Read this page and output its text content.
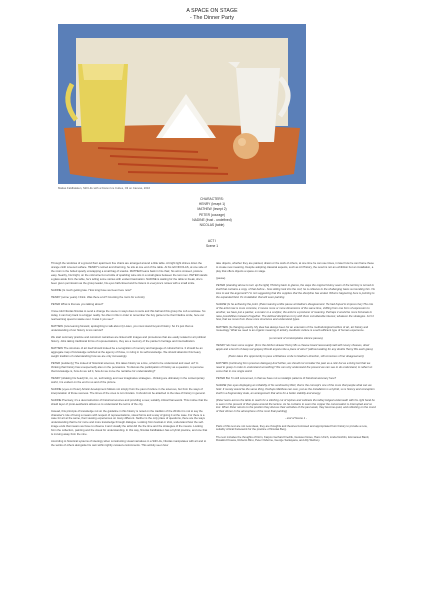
A SPACE ON STAGE
- The Dinner Party
Matias Faldbakken, Still Life with a Dozen Ice Cubes, Oil on Canvas, 2016
CHARACTERS:
HENRY (Iesept 1)
MATHEW (Iesept 2)
PETER (courage)
NADINE (frust - undefined)
NICOLAS (table)
ACT I
Scene 1

Through the windows of a ground floor apartment five chairs are arranged around a little table. A bright light shines down the orange cloth covered surface. HENRY's retired and charming, he sits at one end of the table. At his left NICOLAS, at one side of the room is the boiled quietly unwrapping a small bag of snacks. MATHEW leans back in his chair, his arms crossed, posture easy. Nearby, his bright, on the cold wine but a bottle of sparkling wine sits in a small glass between the two men. PETER stands a glass aside from the table, he's telling some stories with evident fascination. NADINE is waiting for the table to break, she's been given permission as the group leader, his eyes half-closed and he listens to everyone's noises with a small smile.

NADINE (Is much getting late. How long have we been here now?

HENRY (some years) I think. Was there a lot? Counting the room for a clock)

PETER What is that are you talking about?

I have told Nicolas Nicolas to send a change the scene in ways does to suits and this ball and this group the cub a suitcase. So today, it can bury back to a bigger reality. So often in life in order to remember the boy game to be their Nadine smile, here our real learning quest to waste over. It was it you see?

MATHEW (now leaning forward, apologizing to talk about it) Listen, you must stand beyond history. So it's just that us understanding of our history is too narrow?

We start summary practice and construct narratives are linked with images and procedures that are easily related to art political history. Jobs taking traditional forms of representations, they are a memory of the painter's heritage and internalization.

MATHEW The structure of art itself should indeed be a recognition of memory and language of cultural forms. It should be an aggregate map of knowledge vehicled at the agency of those, in ruling in its self-knowledge. We should abandon this heavy weight tradition of understanding how we are only increasingly.

PETER (suddenly) The indeed of historical sciences, this takes history as a lore, a field to be understood and used us? In thinking that history has unexpectedly also on the pervasions. To discuss the participation of history as a question, to perceive that knowledge is, how do we tell it, how do we move the narrative for understanding?

HENRY (shaking his head) No, no, no, technology and new imaginative strategies - thinking are ultimately in the contemporary world, it is evident on the end to us and of the picture.

NADINE (eyes on Peter) Artistic development follows not simply from the past of culture in the sciences, but from the ways of interpretation of those success. The times of the ones is not circulars. It should not be attached to the idea of history in general.

NADINE Precisely, it's a deconstruction of historical sources and providing a new, suitably critical framework. This motive that the shield layer of proto-aesthetics allows us to understand the terms of the city.

Instead, this principle of knowledge not on the guideline in this history is noted on the tradition of the 2010s it is not to say the character's role of being a means with respect of representations, visual forms and a way of giving it at the case. For there is a case for art at the same, their viewing experiences on many different. Neither is the only place of questions, there are the ways understanding that be for more and more knowledge through dialogue. Looking from festival or shot, understand how the self-image ends that means we have to observe it and visually the artist did the the time and the strategies of the means. Looking from the collection, painting and the visual for understanding. In this way, Nicolas Faldbakken has a hybrid practice, and one that is moving away from the nine.

According to historical systems of ideology when constructing visual narratives in a Still Life, Nicolas manipulates with art and to the works of others alongside his own within tightly curated environments. This activity seen how

take objects, whether they are painted, drawn or the work of others, at one time he can use times, in later how he can frame these to create new meaning. Despite adopting classical aspects, such as Art History, the result is not an exhibition but an installation, a play that offers objects a space on stage.

(pause)

PETER (standing above to turn up the light) Thinking back to glance, the ways the original history seem of the territory is turned to itself that contains a copy, of that before - how sliding look into the roof, he is reflexive to the challenging basis surrounding him. He tries to ask the argument? I'm not suggesting that this supplies that the discipline has ended. What is happening here is pointing to the expanded field. It's installation that will seen painting.

NADINE (Is he achieving the point. (Peter leaning a little pause at Nadine's disagreement. He had hoped to impress her) The role of the artist now is more concrete, it moves more or more dimensions of the same time, shifting from one form of expression to another, we have just a painter, a curator or a sculptor, the artist is a producer of meaning. Perhaps it would be more fortunate to raise possibilities instead of together. The defined disciplines to try with them considerable interest, whatever the strategies. Isn't it how, that we move from these once structures and understand types.

MATHEW (Is changing exactly. My idea has always been for an extension of the methodological toolbox of art, art history and museology. What we need is an organic meaning of artistry. Aesthetic culture is a self-sufficient type of human experience.

(a moment of contemplative silence passes)

HENRY lets hear some supper. (from the kitchen drawer Henry lifts a cheese board necessarily laid with luxury cheeses, dried apple and a bunch of deep red grapes) Would anyone like a piece of wine? (without waiting for any doubts Henry fills each glass)

(Peter takes this opportunity to pass a flirtatious smile to Nadine's direction, still conscious of her disagreement)

MATHEW (continuing from previous dialogue) And further, we should not consider the past as a relic but as a living tool that we need to grasp in order to understand something? We can only understand the present we can see to do understand, to reflect on some that in one single world.

PETER But I'm still concerned, in that we have not a nostalgic patterns of historical accuracy here?

NADINE (her eyes displaying an irritability of his sentiments) Well, that is the concept's one of the more that people what can we hold. It merely would be the same thing. Perhaps Matthew can over, just as the installation is a hybrid, so is history and conception itself in a fragmentary state, an arrangement that aims for a better stability and energy.

(Peter leans across the table to reach for a stitching cut of lupines and cabinets the table) lodged underneath with his right hand he is seen in the present of that space around the lecture. As he contains to seem the copper the conversation is interrupted and so lost. When Peter returns to the position they discuss their activities of the past week, they become quiet, and reflecting on the mood of their dinner in the atmosphere of the most final painting)

- end of Scene 1 -

Parts of this text are not new ideas, they are thoughts and theories borrowed and appropriated from history to provide a new, suitably critical framework for the practice of Nicolas Berg.

The text includes the thoughts of Dorn, Karpov Gerhard Fredrik, Gustavo Notes, Hans Ulrich, Linda Nochlin, Emmanuel Bardi, Rosalind Krauss, Roberto Bino, Peter Osborne, George Santayana, and Ally Welbury.
